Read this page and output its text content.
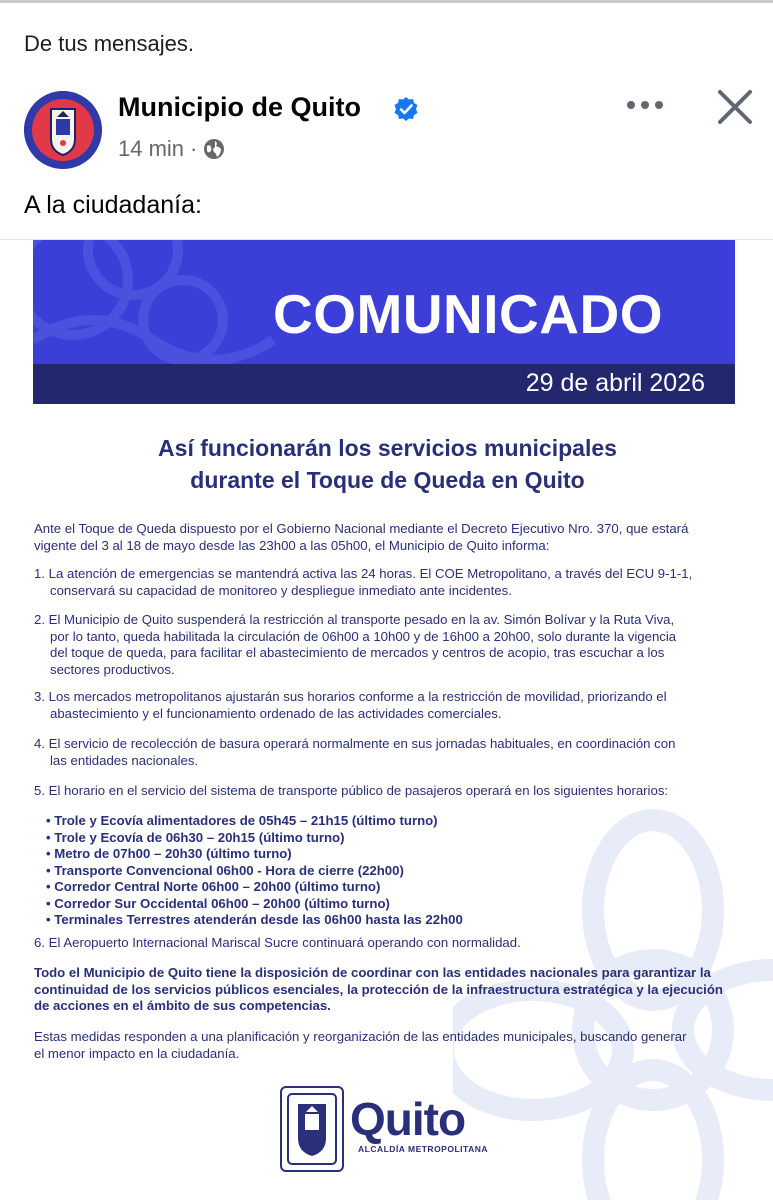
De tus mensajes.
Municipio de Quito
14 min ·
A la ciudadanía:
COMUNICADO
29 de abril 2026
Así funcionarán los servicios municipales
durante el Toque de Queda en Quito
Ante el Toque de Queda dispuesto por el Gobierno Nacional mediante el Decreto Ejecutivo Nro. 370, que estará
vigente del 3 al 18 de mayo desde las 23h00 a las 05h00, el Municipio de Quito informa:
1. La atención de emergencias se mantendrá activa las 24 horas. El COE Metropolitano, a través del ECU 9-1-1,
conservará su capacidad de monitoreo y despliegue inmediato ante incidentes.
2. El Municipio de Quito suspenderá la restricción al transporte pesado en la av. Simón Bolívar y la Ruta Viva,
por lo tanto, queda habilitada la circulación de 06h00 a 10h00 y de 16h00 a 20h00, solo durante la vigencia
del toque de queda, para facilitar el abastecimiento de mercados y centros de acopio, tras escuchar a los
sectores productivos.
3. Los mercados metropolitanos ajustarán sus horarios conforme a la restricción de movilidad, priorizando el
abastecimiento y el funcionamiento ordenado de las actividades comerciales.
4. El servicio de recolección de basura operará normalmente en sus jornadas habituales, en coordinación con
las entidades nacionales.
5. El horario en el servicio del sistema de transporte público de pasajeros operará en los siguientes horarios:
• Trole y Ecovía alimentadores de 05h45 – 21h15 (último turno)
• Trole y Ecovía de 06h30 – 20h15 (último turno)
• Metro de 07h00 – 20h30 (último turno)
• Transporte Convencional 06h00 - Hora de cierre (22h00)
• Corredor Central Norte 06h00 – 20h00 (último turno)
• Corredor Sur Occidental 06h00 – 20h00 (último turno)
• Terminales Terrestres atenderán desde las 06h00 hasta las 22h00
6. El Aeropuerto Internacional Mariscal Sucre continuará operando con normalidad.
Todo el Municipio de Quito tiene la disposición de coordinar con las entidades nacionales para garantizar la
continuidad de los servicios públicos esenciales, la protección de la infraestructura estratégica y la ejecución
de acciones en el ámbito de sus competencias.
Estas medidas responden a una planificación y reorganización de las entidades municipales, buscando generar
el menor impacto en la ciudadanía.
Quito
ALCALDÍA METROPOLITANA
